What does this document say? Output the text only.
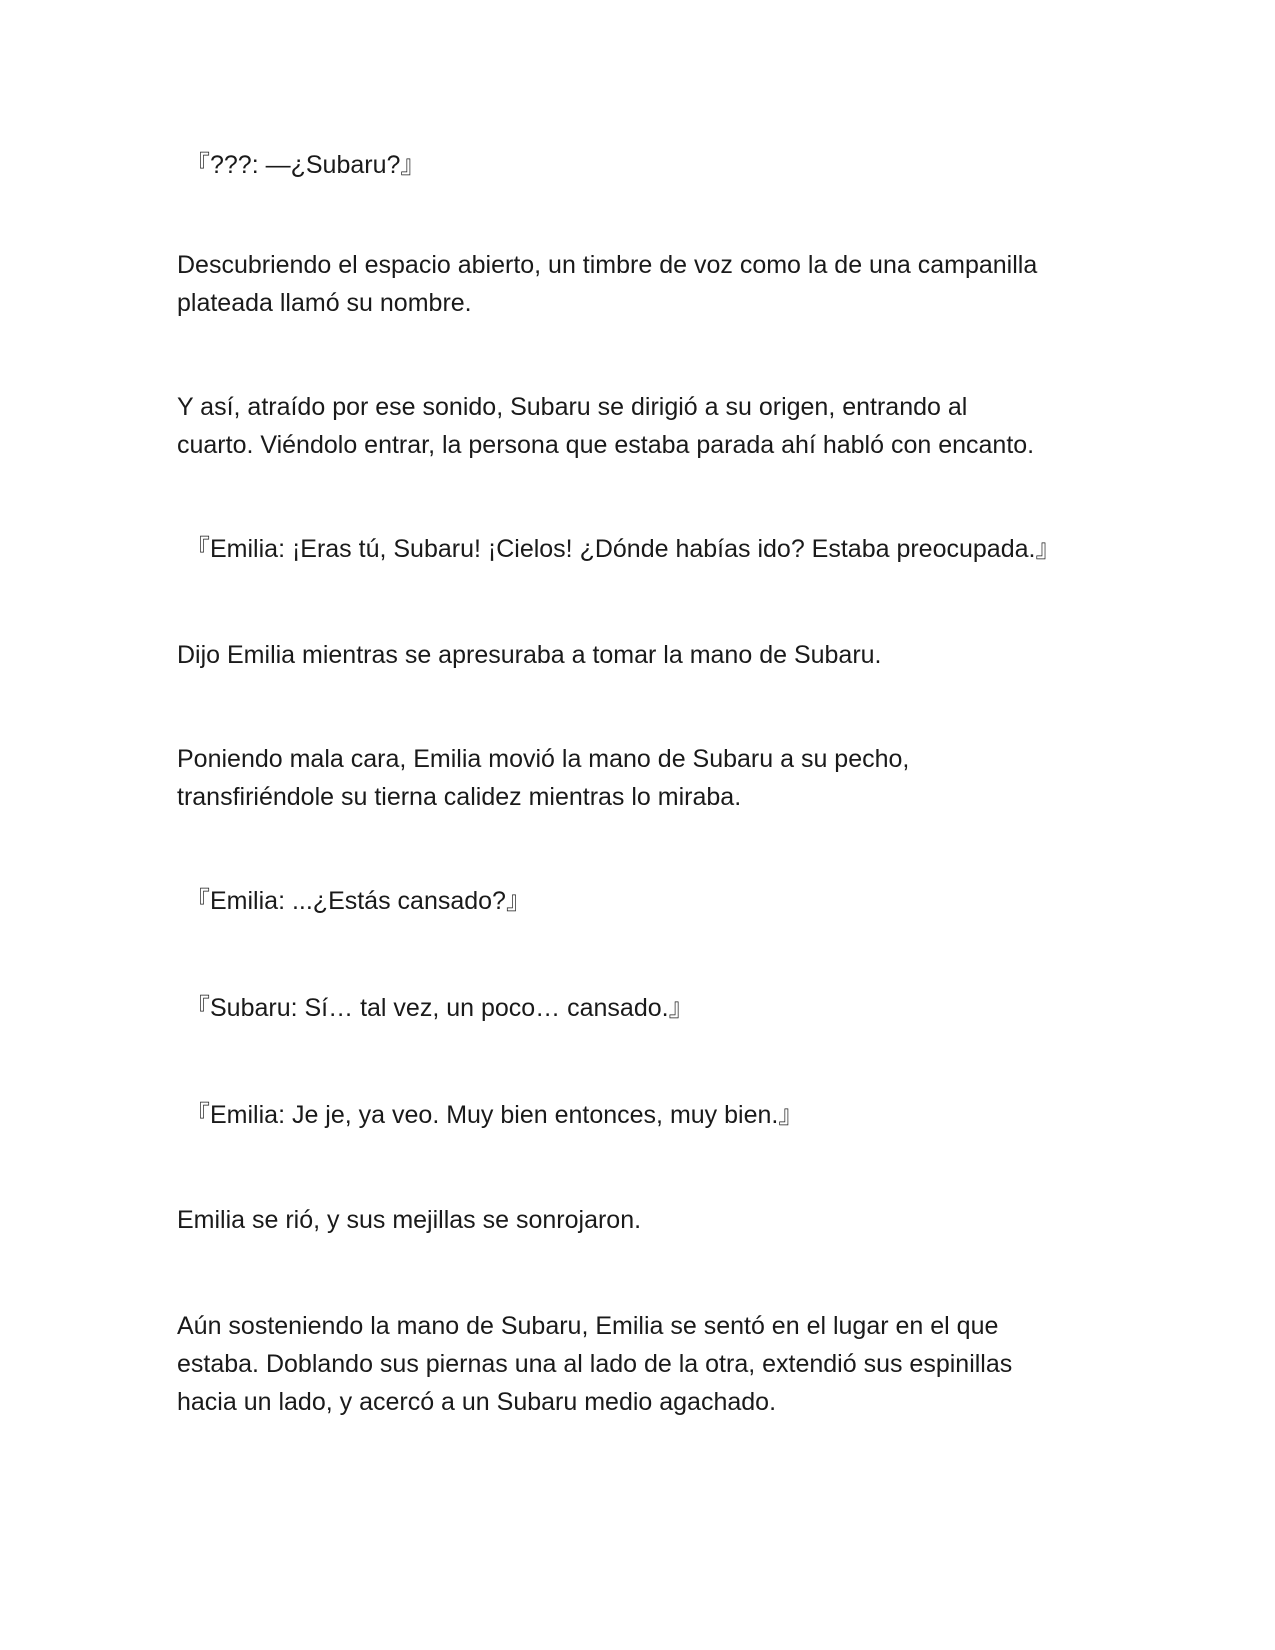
『???: —¿Subaru?』

Descubriendo el espacio abierto, un timbre de voz como la de una campanilla
plateada llamó su nombre.

Y así, atraído por ese sonido, Subaru se dirigió a su origen, entrando al
cuarto. Viéndolo entrar, la persona que estaba parada ahí habló con encanto.

『Emilia: ¡Eras tú, Subaru! ¡Cielos! ¿Dónde habías ido? Estaba preocupada.』

Dijo Emilia mientras se apresuraba a tomar la mano de Subaru.

Poniendo mala cara, Emilia movió la mano de Subaru a su pecho,
transfiriéndole su tierna calidez mientras lo miraba.

『Emilia: ...¿Estás cansado?』

『Subaru: Sí… tal vez, un poco… cansado.』

『Emilia: Je je, ya veo. Muy bien entonces, muy bien.』

Emilia se rió, y sus mejillas se sonrojaron.

Aún sosteniendo la mano de Subaru, Emilia se sentó en el lugar en el que
estaba. Doblando sus piernas una al lado de la otra, extendió sus espinillas
hacia un lado, y acercó a un Subaru medio agachado.
